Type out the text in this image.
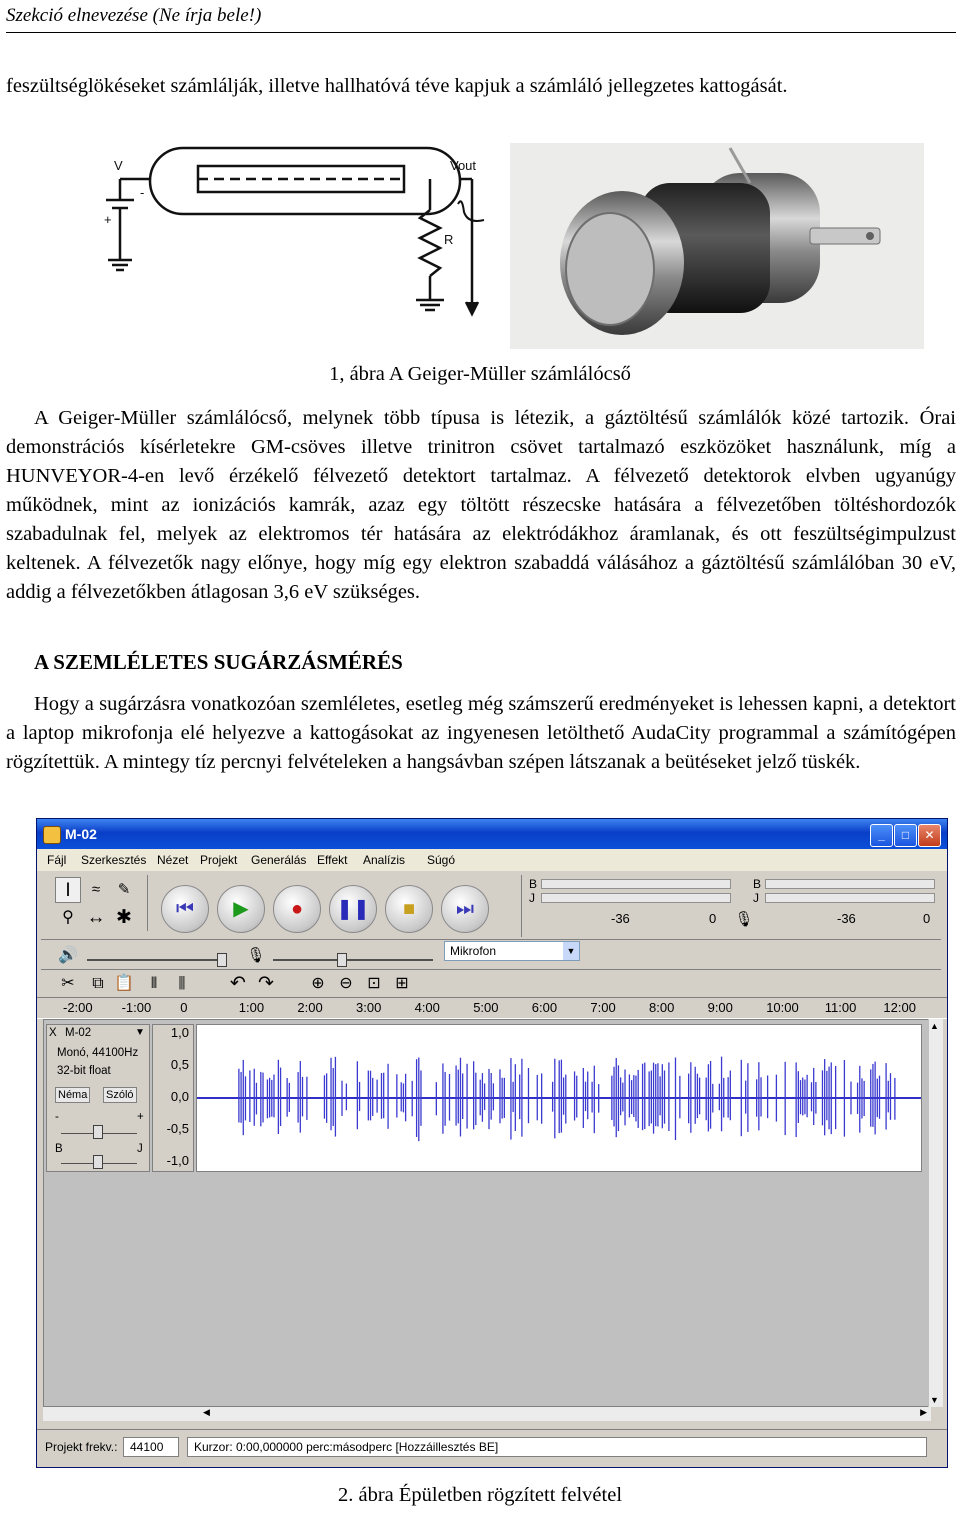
Szekció elnevezése (Ne írja bele!)

feszültséglökéseket számlálják, illetve hallhatóvá téve kapjuk a számláló jellegzetes kattogását.

V
+
-
Vout
R
1, ábra A Geiger-Müller számlálócső

A Geiger-Müller számlálócső, melynek több típusa is létezik, a gáztöltésű számlálók közé tartozik. Órai demonstrációs kísérletekre GM-csöves illetve trinitron csövet tartalmazó eszközöket használunk, míg a HUNVEYOR-4-en levő érzékelő félvezető detektort tartalmaz. A félvezető detektorok elvben ugyanúgy működnek, mint az ionizációs kamrák, azaz egy töltött részecske hatására a félvezetőben töltéshordozók szabadulnak fel, melyek az elektromos tér hatására az elektródákhoz áramlanak, és ott feszültségimpulzust keltenek. A félvezetők nagy előnye, hogy míg egy elektron szabaddá válásához a gáztöltésű számlálóban 30 eV, addig a félvezetőkben átlagosan 3,6 eV szükséges.

A SZEMLÉLETES SUGÁRZÁSMÉRÉS

Hogy a sugárzásra vonatkozóan szemléletes, esetleg még számszerű eredményeket is lehessen kapni, a detektort a laptop mikrofonja elé helyezve a kattogásokat az ingyenesen letölthető AudaCity programmal a számítógépen rögzítettük. A mintegy tíz percnyi felvételeken a hangsávban szépen látszanak a beütéseket jelző tüskék.

M-02	_	□	✕
Fájl Szerkesztés Nézet Projekt Generálás Effekt Analízis Súgó
I	≈
⚲ ↔ ✱
✎
⏮	▶	●	❚❚	■	⏭
B
J
-36	0 🎙
B
J
-36	0
🔊	🎙	Mikrofon	▼
✂	⧉ 📋	⫴	⫼	↶ ↷	⊕ ⊖ ⊡ ⊞
-2:00 -1:00 0	1:00	2:00	3:00	4:00	5:00	6:00	7:00	8:00	9:00	10:00 11:00 12:00
X M-02	▼
Monó, 44100Hz
32-bit float
Néma Szóló
-	+
B	J
1,0
0,5
0,0
-0,5
-1,0
▲
▼
◀	▶
Projekt frekv.:	44100	Kurzor: 0:00,000000 perc:másodperc [Hozzáillesztés BE]
2. ábra Épületben rögzített felvétel
